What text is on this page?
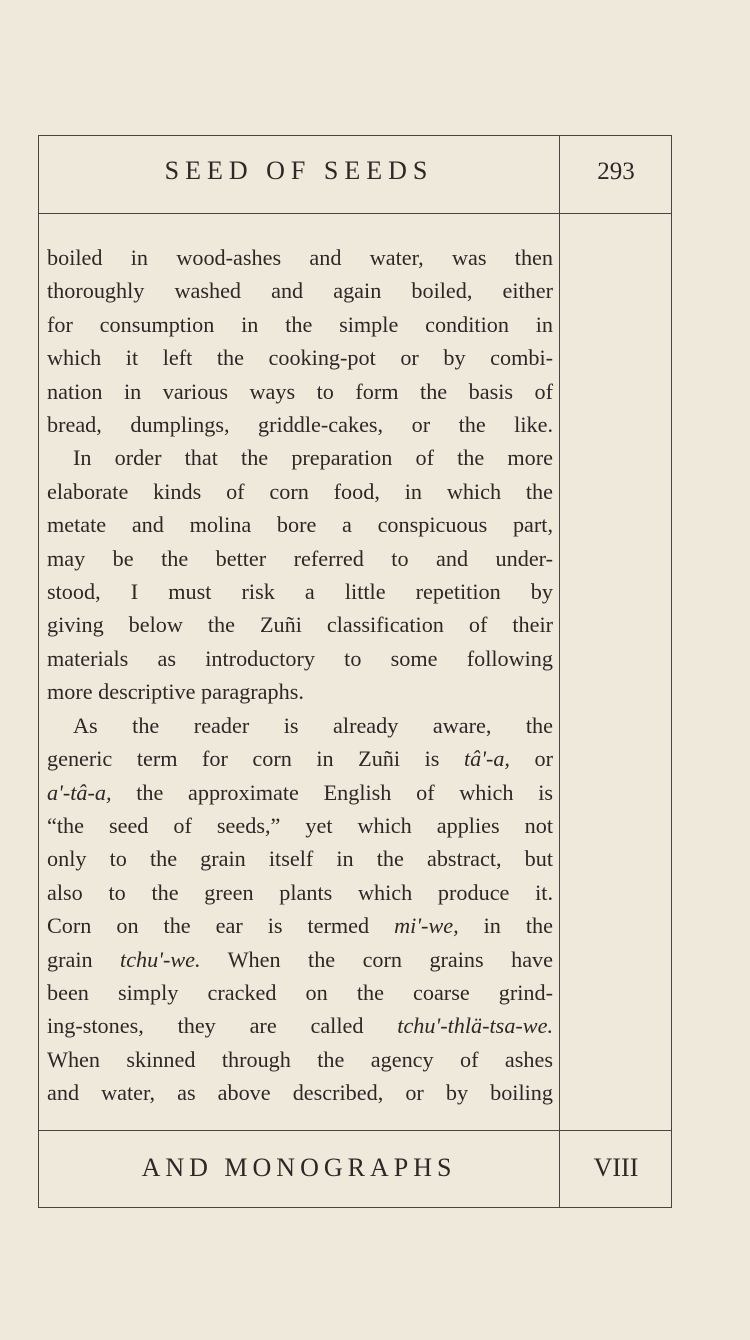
SEED OF SEEDS	293

boiled in wood-ashes and water, was then
thoroughly washed and again boiled, either
for consumption in the simple condition in
which it left the cooking-pot or by combi-
nation in various ways to form the basis of
bread, dumplings, griddle-cakes, or the like.

In order that the preparation of the more
elaborate kinds of corn food, in which the
metate and molina bore a conspicuous part,
may be the better referred to and under-
stood, I must risk a little repetition by
giving below the Zuñi classification of their
materials as introductory to some following
more descriptive paragraphs.

As the reader is already aware, the
generic term for corn in Zuñi is tâ'-a, or
a'-tâ-a, the approximate English of which is
“the seed of seeds,” yet which applies not
only to the grain itself in the abstract, but
also to the green plants which produce it.
Corn on the ear is termed mi'-we, in the
grain tchu'-we. When the corn grains have
been simply cracked on the coarse grind-
ing-stones, they are called tchu'-thlä-tsa-we.
When skinned through the agency of ashes
and water, as above described, or by boiling

AND MONOGRAPHS	VIII
